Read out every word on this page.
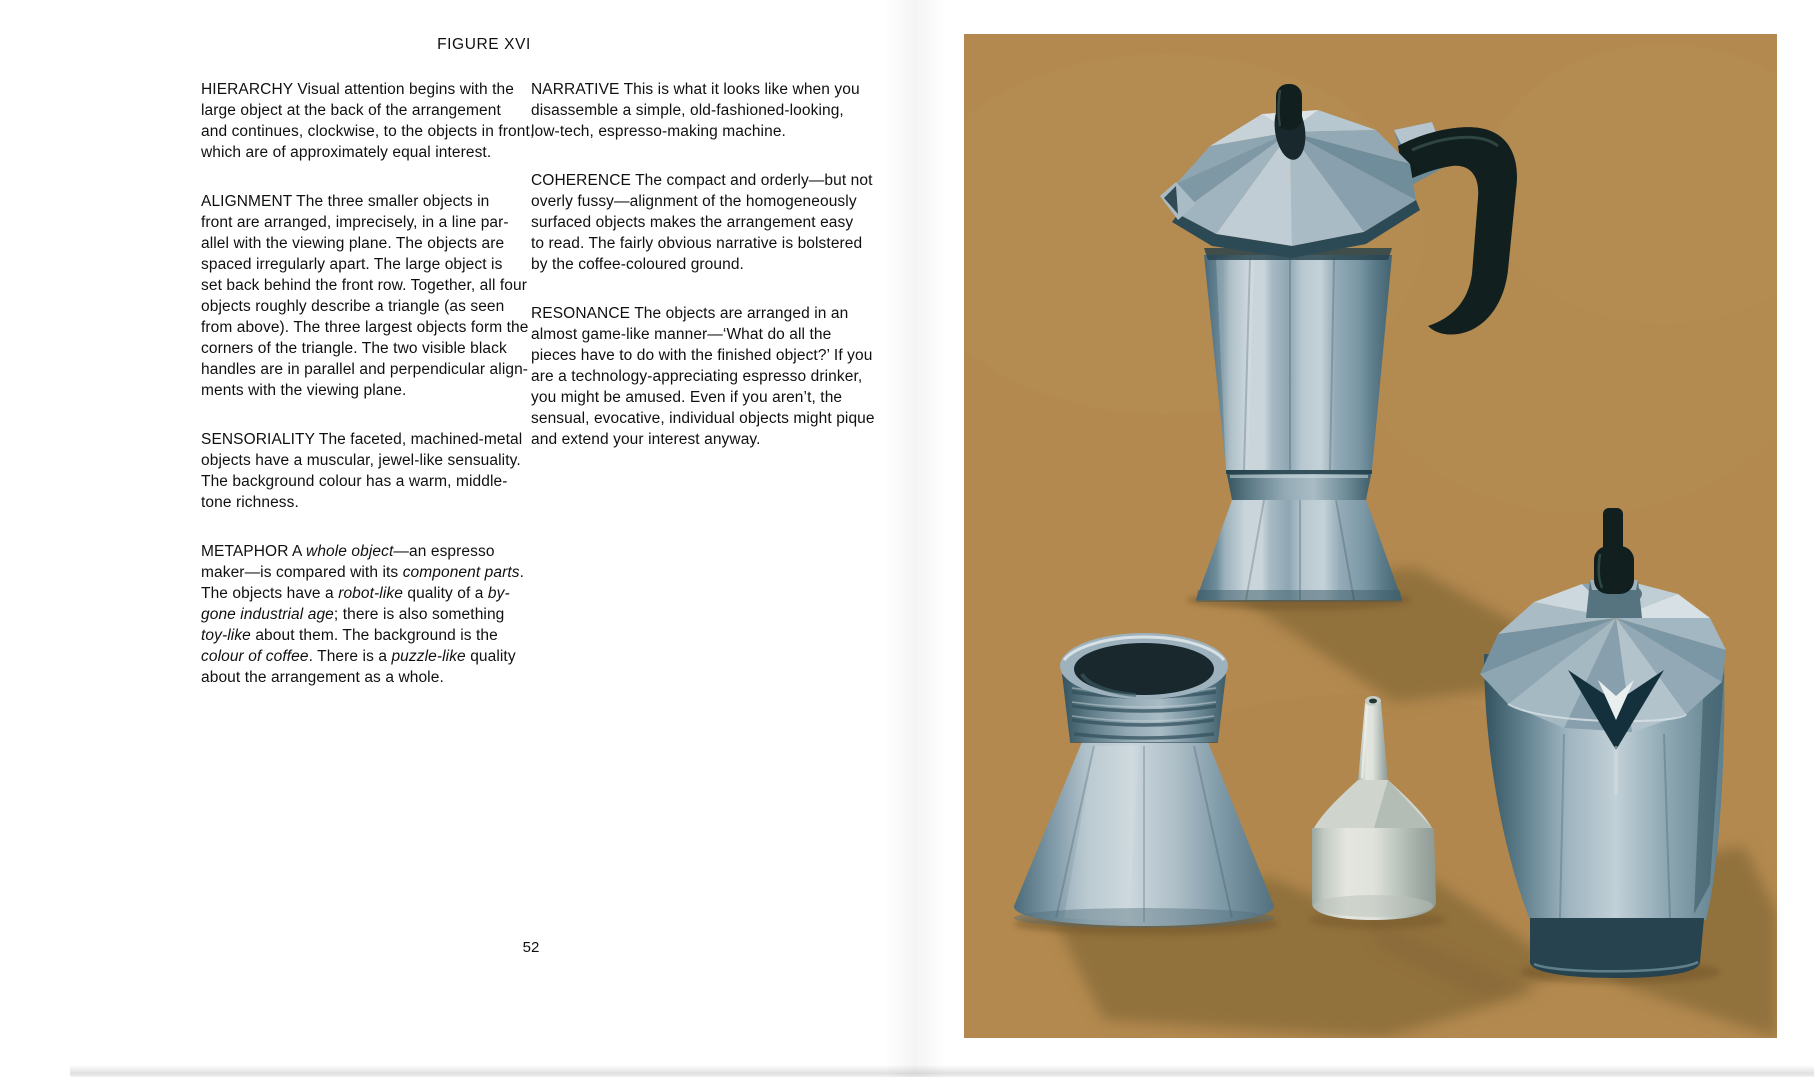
FIGURE XVI
HIERARCHY Visual attention begins with the
large object at the back of the arrangement
and continues, clockwise, to the objects in front,
which are of approximately equal interest.
ALIGNMENT The three smaller objects in
front are arranged, imprecisely, in a line par-
allel with the viewing plane. The objects are
spaced irregularly apart. The large object is
set back behind the front row. Together, all four
objects roughly describe a triangle (as seen
from above). The three largest objects form the
corners of the triangle. The two visible black
handles are in parallel and perpendicular align-
ments with the viewing plane.
SENSORIALITY The faceted, machined-metal
objects have a muscular, jewel-like sensuality.
The background colour has a warm, middle-
tone richness.
METAPHOR A whole object—an espresso
maker—is compared with its component parts.
The objects have a robot-like quality of a by-
gone industrial age; there is also something
toy-like about them. The background is the
colour of coffee. There is a puzzle-like quality
about the arrangement as a whole.
NARRATIVE This is what it looks like when you
disassemble a simple, old-fashioned-looking,
low-tech, espresso-making machine.
COHERENCE The compact and orderly—but not
overly fussy—alignment of the homogeneously
surfaced objects makes the arrangement easy
to read. The fairly obvious narrative is bolstered
by the coffee-coloured ground.
RESONANCE The objects are arranged in an
almost game-like manner—‘What do all the
pieces have to do with the finished object?’ If you
are a technology-appreciating espresso drinker,
you might be amused. Even if you aren’t, the
sensual, evocative, individual objects might pique
and extend your interest anyway.
52
